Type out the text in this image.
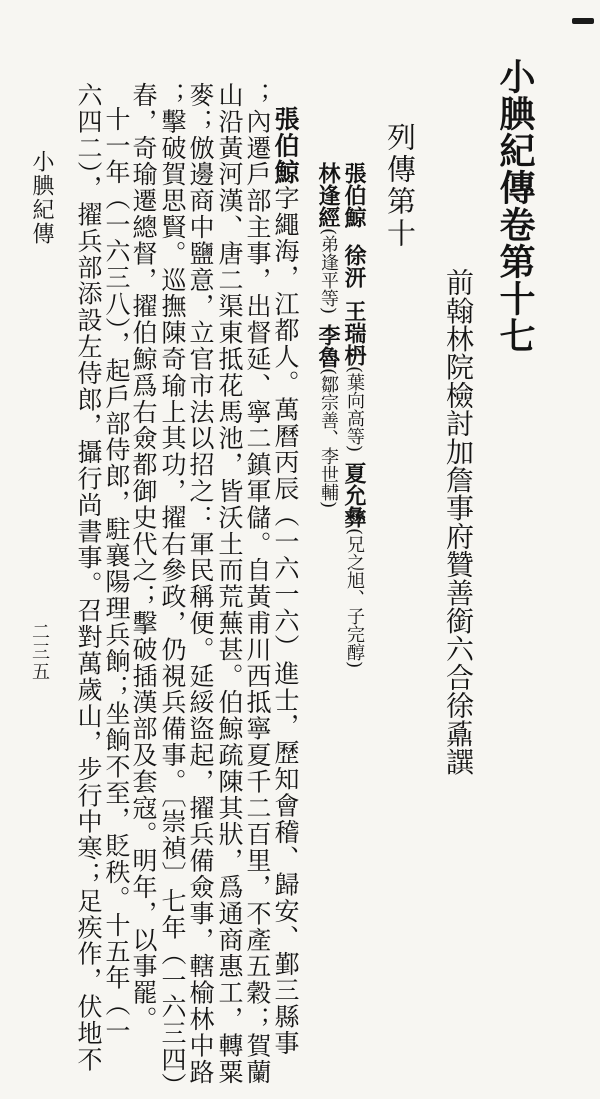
小腆紀傳卷第十七
前翰林院檢討加詹事府贊善銜六合徐鼒譔
列傳第十
張伯鯨徐汧王瑞枬(葉向高等)夏允彝(兄之旭、子完醇)
林逢經(弟逢平等)李魯(鄒宗善、李世輔)
張伯鯨字繩海，江都人。萬曆丙辰（一六一六）進士，歷知會稽、歸安、鄞三縣事
；內遷戶部主事，出督延、寧二鎮軍儲。自黃甫川西抵寧夏千二百里，不產五穀；賀蘭
山沿黃河漢、唐二渠東抵花馬池，皆沃土而荒蕪甚。伯鯨疏陳其狀，爲通商惠工，轉粟
麥；倣邊商中鹽意，立官市法以招之：軍民稱便。延綏盜起，擢兵備僉事，轄榆林中路
；擊破賀思賢。巡撫陳奇瑜上其功，擢右參政，仍視兵備事。〔崇禎〕七年（一六三四）
春，奇瑜遷總督，擢伯鯨爲右僉都御史代之；擊破插漢部及套寇。明年，以事罷。
十一年（一六三八），起戶部侍郎，駐襄陽理兵餉；坐餉不至，貶秩。十五年（一
六四二），擢兵部添設左侍郎，攝行尚書事。召對萬歲山，步行中寒；足疾作，伏地不
小腆紀傳
二三五
